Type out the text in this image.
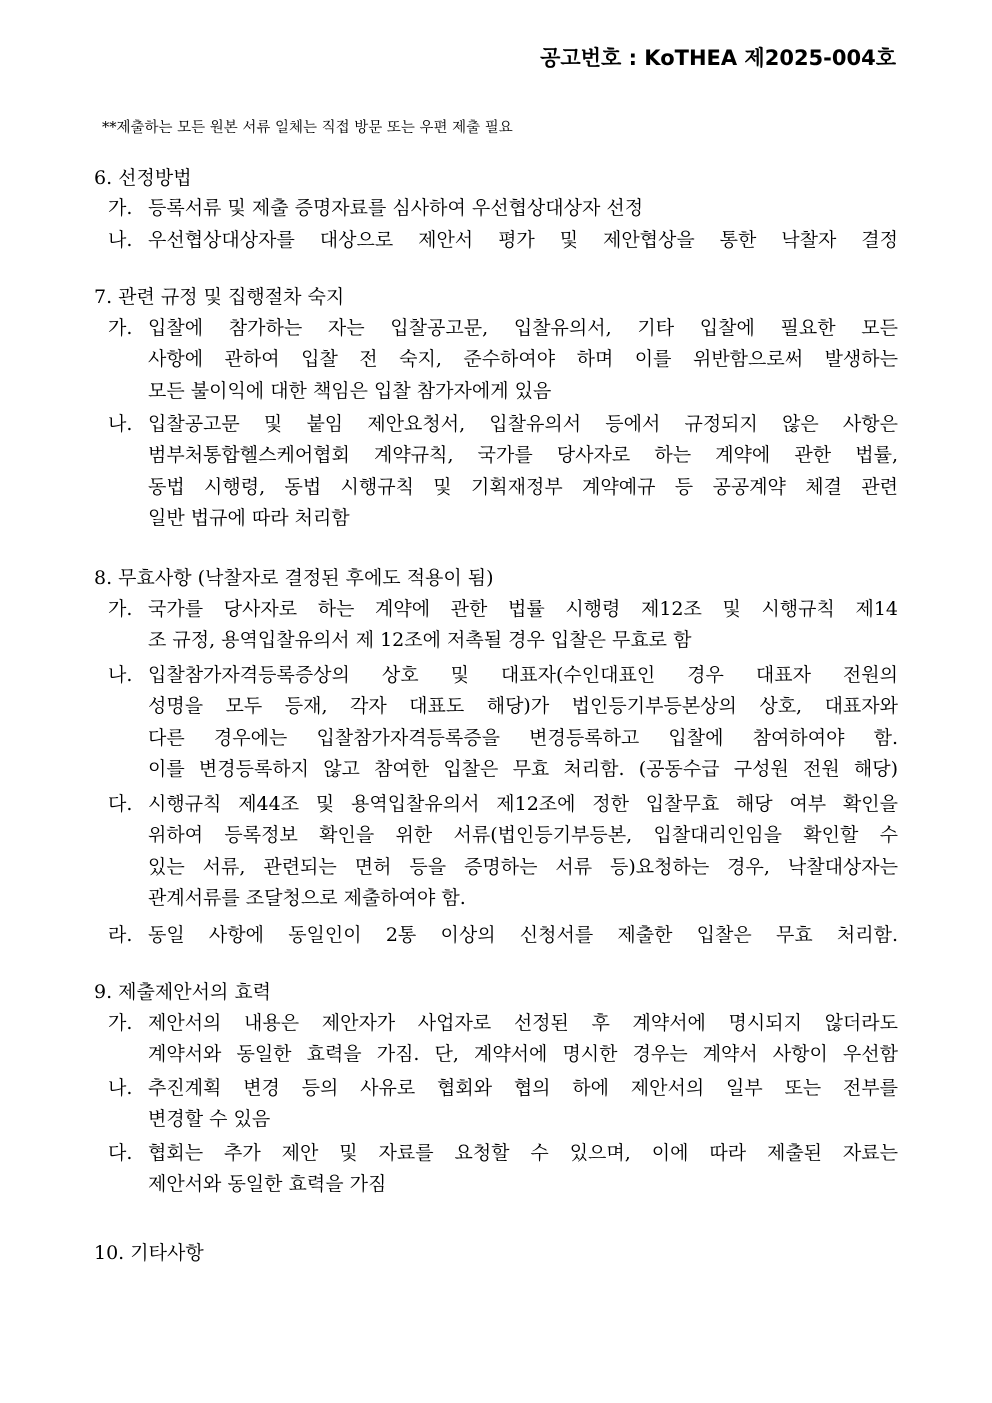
공고번호 : KoTHEA 제2025-004호
**제출하는 모든 원본 서류 일체는 직접 방문 또는 우편 제출 필요
6. 선정방법
가. 등록서류 및 제출 증명자료를 심사하여 우선협상대상자 선정
나. 우선협상대상자를 대상으로 제안서 평가 및 제안협상을 통한 낙찰자 결정
7. 관련 규정 및 집행절차 숙지
가. 입찰에 참가하는 자는 입찰공고문, 입찰유의서, 기타 입찰에 필요한 모든
사항에 관하여 입찰 전 숙지, 준수하여야 하며 이를 위반함으로써 발생하는
모든 불이익에 대한 책임은 입찰 참가자에게 있음
나. 입찰공고문 및 붙임 제안요청서, 입찰유의서 등에서 규정되지 않은 사항은
범부처통합헬스케어협회 계약규칙, 국가를 당사자로 하는 계약에 관한 법률,
동법 시행령, 동법 시행규칙 및 기획재정부 계약예규 등 공공계약 체결 관련
일반 법규에 따라 처리함
8. 무효사항 (낙찰자로 결정된 후에도 적용이 됨)
가. 국가를 당사자로 하는 계약에 관한 법률 시행령 제12조 및 시행규칙 제14
조 규정, 용역입찰유의서 제 12조에 저촉될 경우 입찰은 무효로 함
나. 입찰참가자격등록증상의 상호 및 대표자(수인대표인 경우 대표자 전원의
성명을 모두 등재, 각자 대표도 해당)가 법인등기부등본상의 상호, 대표자와
다른 경우에는 입찰참가자격등록증을 변경등록하고 입찰에 참여하여야 함.
이를 변경등록하지 않고 참여한 입찰은 무효 처리함. (공동수급 구성원 전원 해당)
다. 시행규칙 제44조 및 용역입찰유의서 제12조에 정한 입찰무효 해당 여부 확인을
위하여 등록정보 확인을 위한 서류(법인등기부등본, 입찰대리인임을 확인할 수
있는 서류, 관련되는 면허 등을 증명하는 서류 등)요청하는 경우, 낙찰대상자는
관계서류를 조달청으로 제출하여야 함.
라. 동일 사항에 동일인이 2통 이상의 신청서를 제출한 입찰은 무효 처리함.
9. 제출제안서의 효력
가. 제안서의 내용은 제안자가 사업자로 선정된 후 계약서에 명시되지 않더라도
계약서와 동일한 효력을 가짐. 단, 계약서에 명시한 경우는 계약서 사항이 우선함
나. 추진계획 변경 등의 사유로 협회와 협의 하에 제안서의 일부 또는 전부를
변경할 수 있음
다. 협회는 추가 제안 및 자료를 요청할 수 있으며, 이에 따라 제출된 자료는
제안서와 동일한 효력을 가짐
10. 기타사항
